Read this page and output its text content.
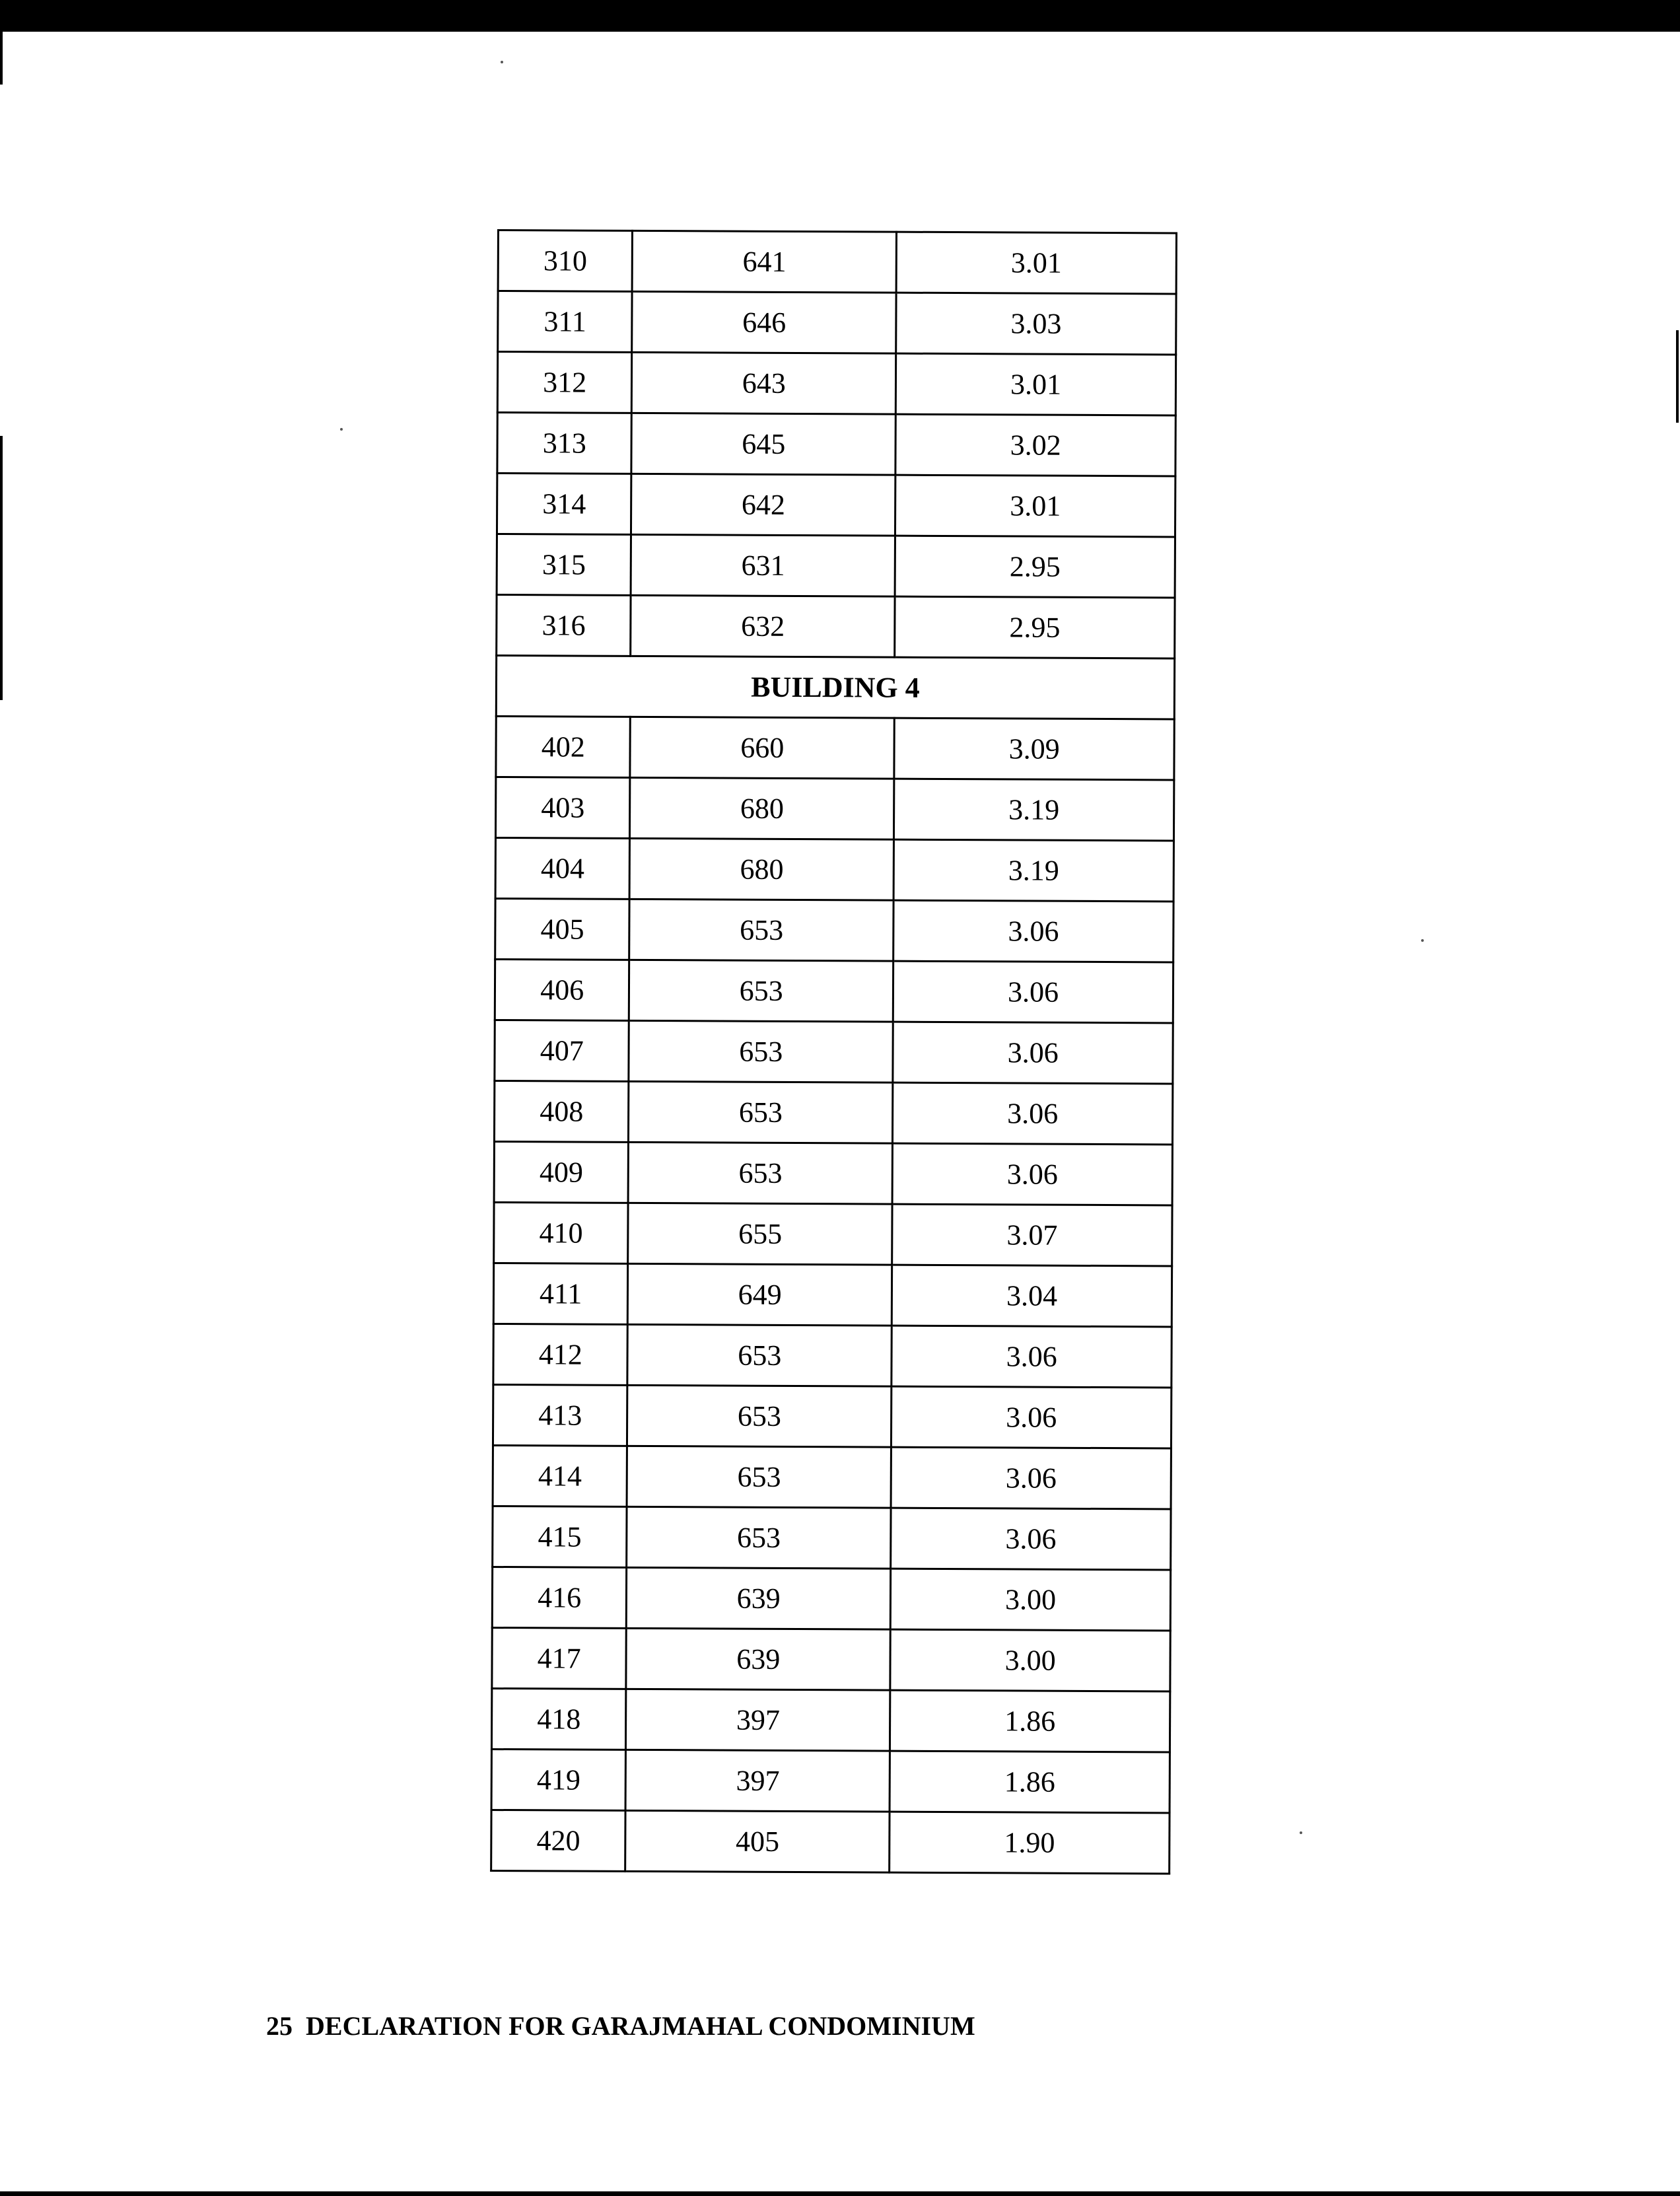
310	641	3.01
311	646	3.03
312	643	3.01
313	645	3.02
314	642	3.01
315	631	2.95
316	632	2.95
BUILDING 4		
402	660	3.09
403	680	3.19
404	680	3.19
405	653	3.06
406	653	3.06
407	653	3.06
408	653	3.06
409	653	3.06
410	655	3.07
411	649	3.04
412	653	3.06
413	653	3.06
414	653	3.06
415	653	3.06
416	639	3.00
417	639	3.00
418	397	1.86
419	397	1.86
420	405	1.90
25 DECLARATION FOR GARAJMAHAL CONDOMINIUM
